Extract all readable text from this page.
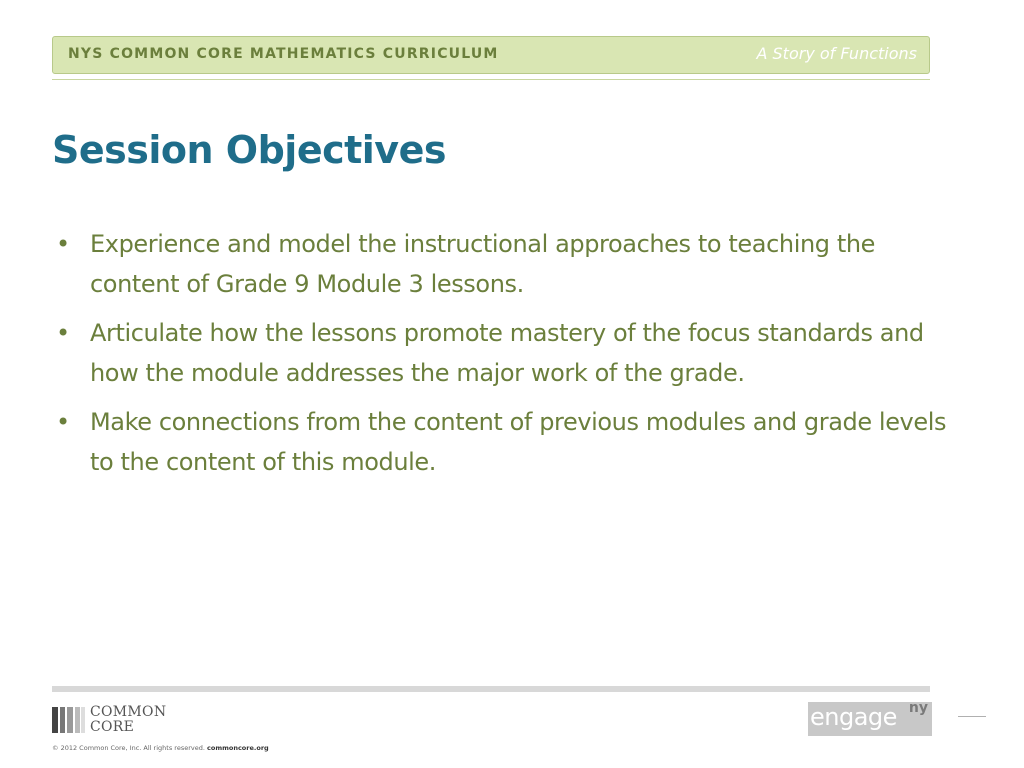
NYS COMMON CORE MATHEMATICS CURRICULUM	A Story of Functions
Session Objectives
• Experience and model the instructional approaches to teaching the content of Grade 9 Module 3 lessons.
• Articulate how the lessons promote mastery of the focus standards and how the module addresses the major work of the grade.
• Make connections from the content of previous modules and grade levels to the content of this module.
COMMON
CORE
© 2012 Common Core, Inc. All rights reserved. commoncore.org
engage ny
